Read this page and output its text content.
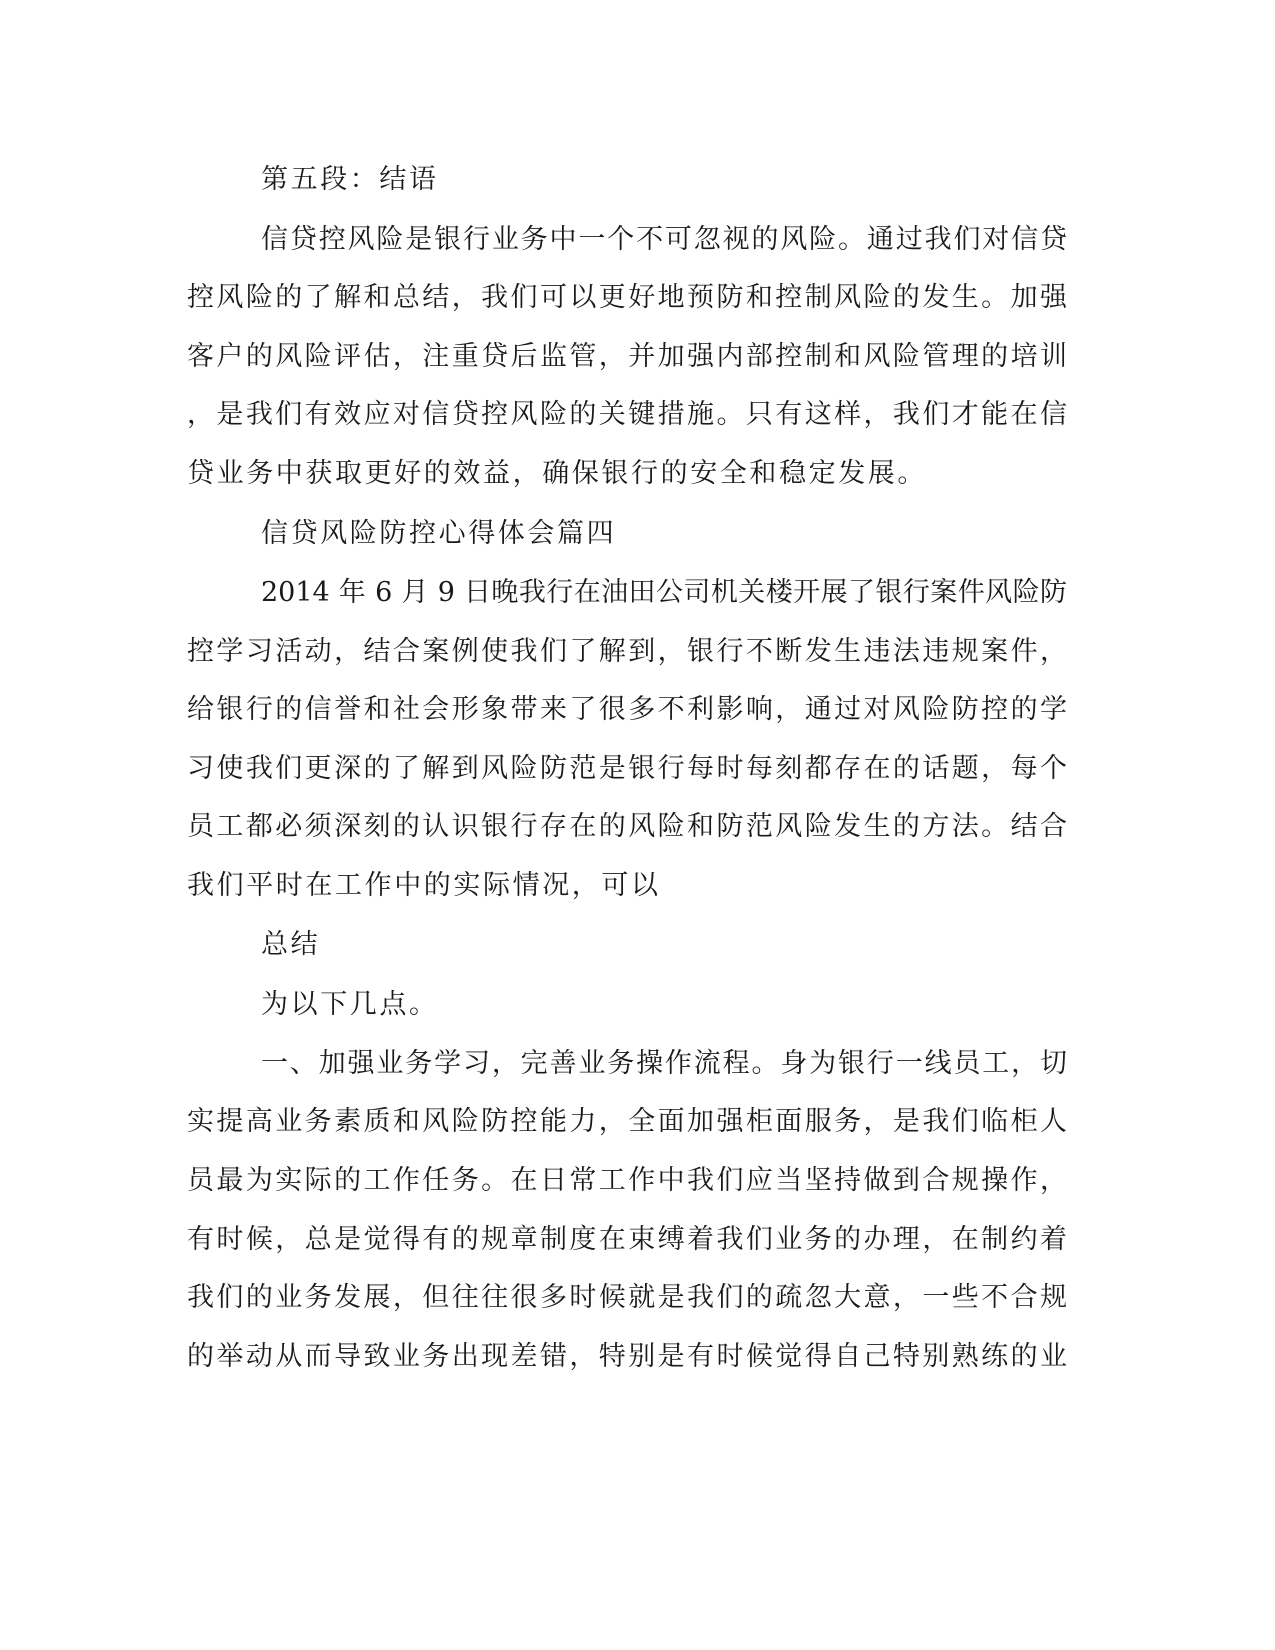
第五段：结语
信贷控风险是银行业务中一个不可忽视的风险。通过我们对信贷
控风险的了解和总结，我们可以更好地预防和控制风险的发生。加强
客户的风险评估，注重贷后监管，并加强内部控制和风险管理的培训
，是我们有效应对信贷控风险的关键措施。只有这样，我们才能在信
贷业务中获取更好的效益，确保银行的安全和稳定发展。
信贷风险防控心得体会篇四
2014 年 6 月 9 日晚我行在油田公司机关楼开展了银行案件风险防
控学习活动，结合案例使我们了解到，银行不断发生违法违规案件，
给银行的信誉和社会形象带来了很多不利影响，通过对风险防控的学
习使我们更深的了解到风险防范是银行每时每刻都存在的话题，每个
员工都必须深刻的认识银行存在的风险和防范风险发生的方法。结合
我们平时在工作中的实际情况，可以
总结
为以下几点。
一、加强业务学习，完善业务操作流程。身为银行一线员工，切
实提高业务素质和风险防控能力，全面加强柜面服务，是我们临柜人
员最为实际的工作任务。在日常工作中我们应当坚持做到合规操作，
有时候，总是觉得有的规章制度在束缚着我们业务的办理，在制约着
我们的业务发展，但往往很多时候就是我们的疏忽大意，一些不合规
的举动从而导致业务出现差错，特别是有时候觉得自己特别熟练的业
